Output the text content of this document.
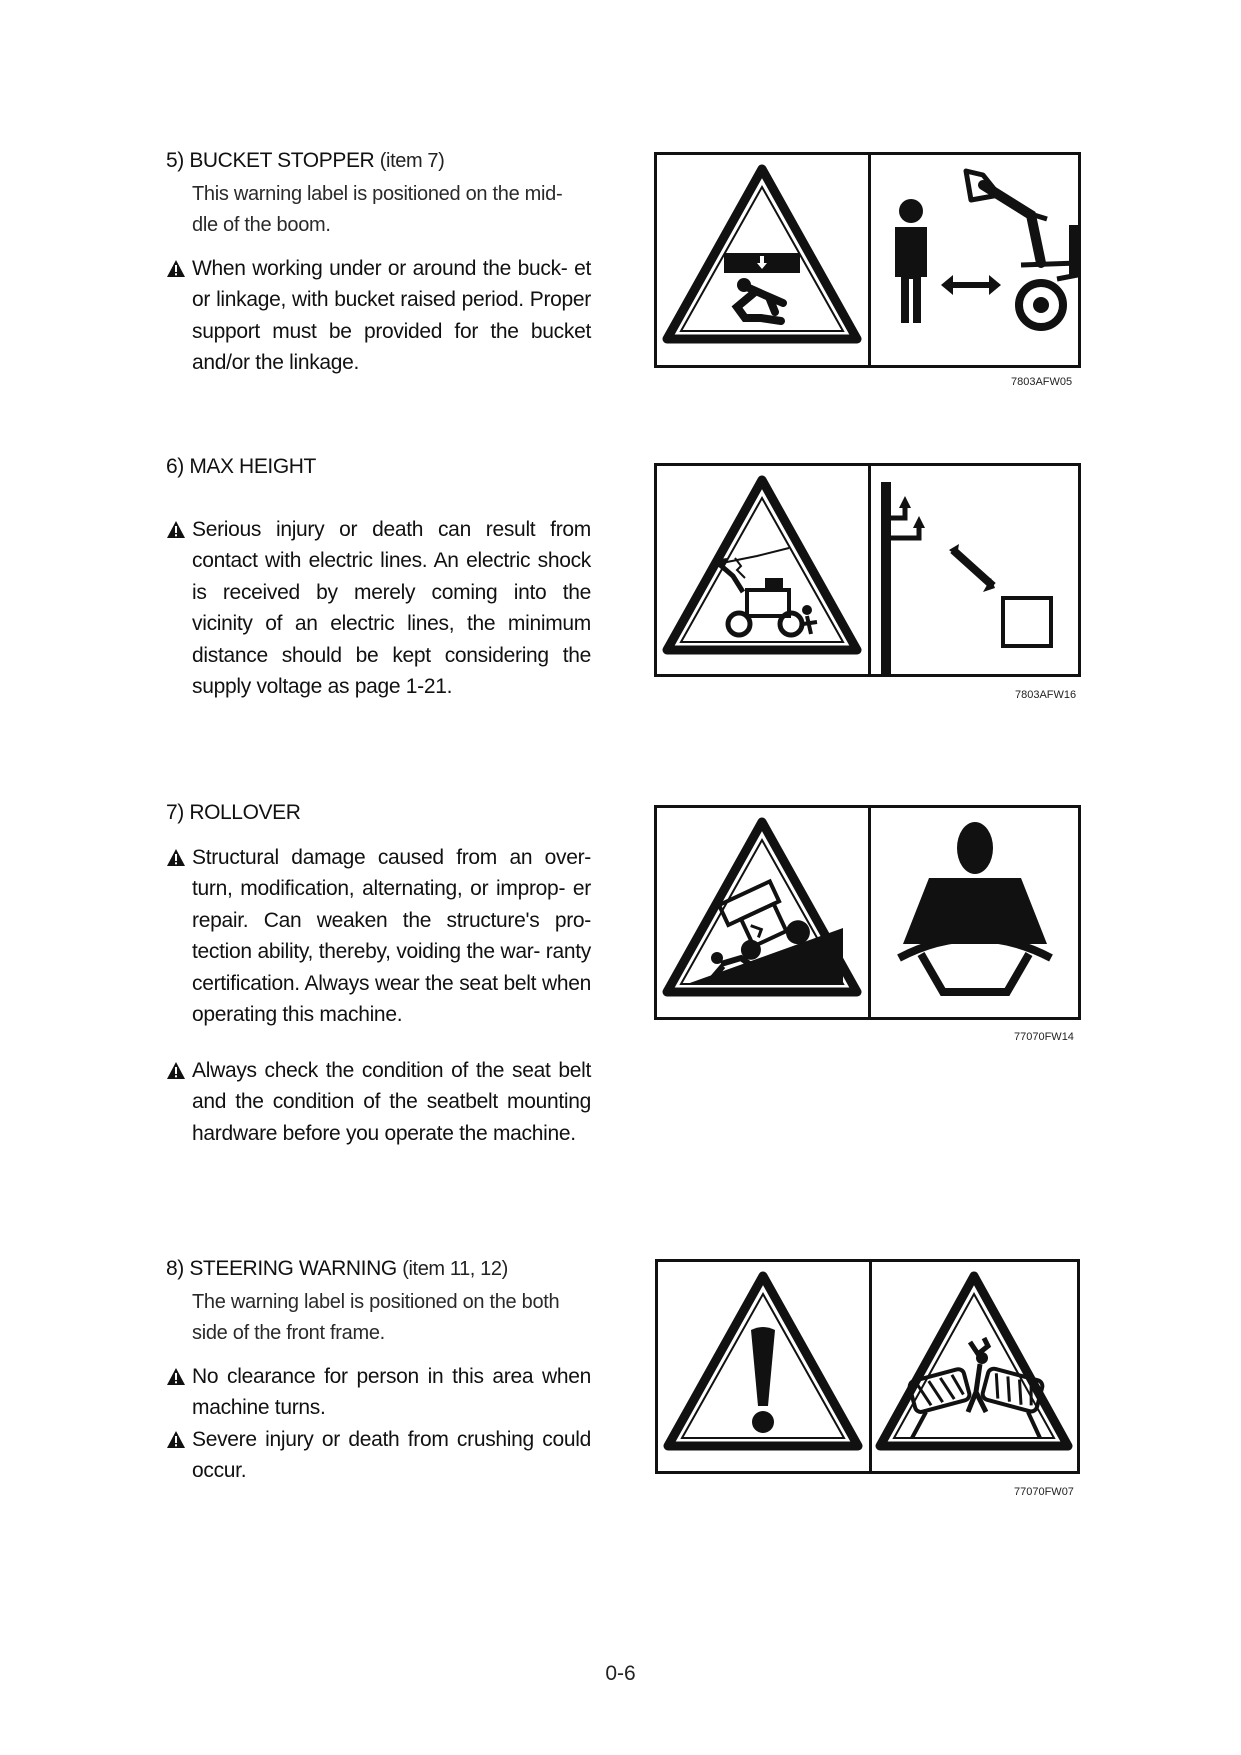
5) BUCKET STOPPER (item 7)
This warning label is positioned on the mid- dle of the boom.
When working under or around the buck- et or linkage, with bucket raised period. Proper support must be provided for the bucket and/or the linkage.
7803AFW05
6) MAX HEIGHT
Serious injury or death can result from contact with electric lines. An electric shock is received by merely coming into the vicinity of an electric lines, the minimum distance should be kept considering the supply voltage as page 1-21.	7803AFW16
7) ROLLOVER
Structural damage caused from an over- turn, modification, alternating, or improp- er repair. Can weaken the structure's pro- tection ability, thereby, voiding the war- ranty certification. Always wear the seat belt when operating this machine.
Always check the condition of the seat belt and the condition of the seatbelt mounting hardware before you operate the machine.
77070FW14
8) STEERING WARNING (item 11, 12)
The warning label is positioned on the both side of the front frame.
No clearance for person in this area when machine turns.
Severe injury or death from crushing could occur.
77070FW07
0-6
